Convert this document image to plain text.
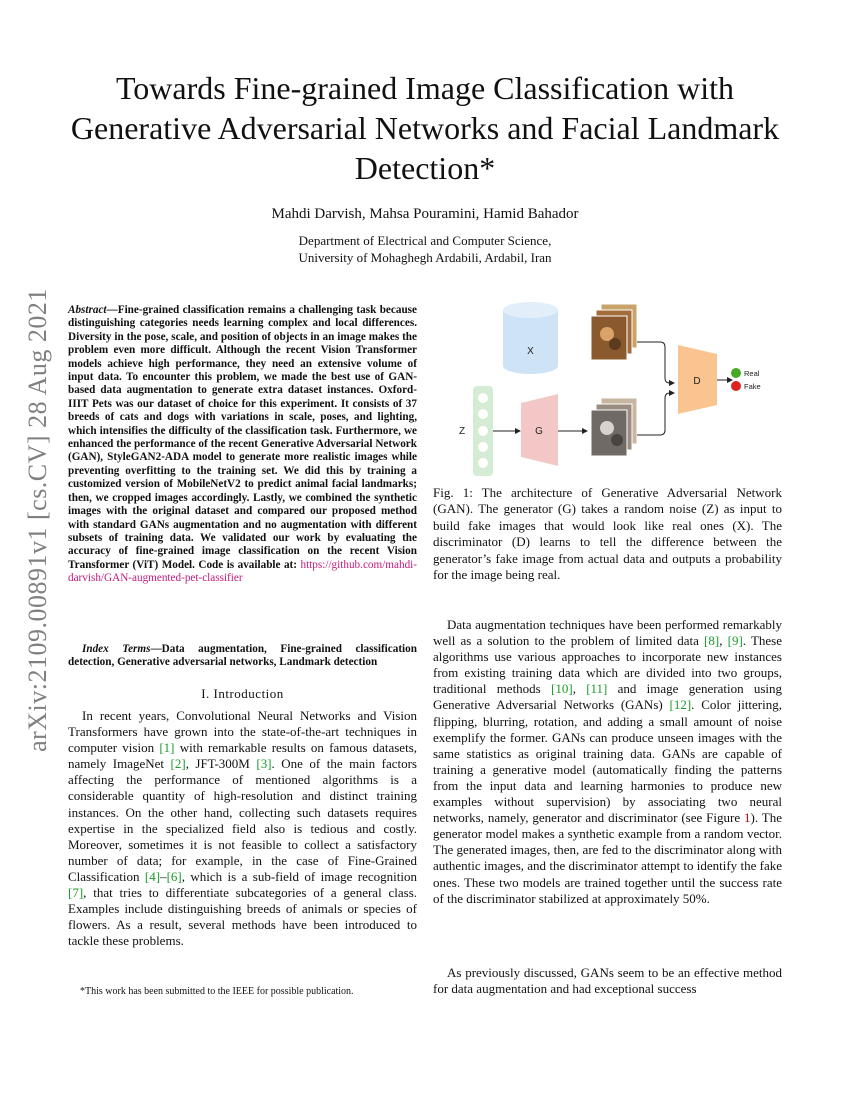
Towards Fine-grained Image Classification with Generative Adversarial Networks and Facial Landmark Detection*
Mahdi Darvish, Mahsa Pouramini, Hamid Bahador
Department of Electrical and Computer Science,
University of Mohaghegh Ardabili, Ardabil, Iran
arXiv:2109.00891v1 [cs.CV] 28 Aug 2021 Abstract—Fine-grained classification remains a challenging task because distinguishing categories needs learning complex and local differences. Diversity in the pose, scale, and position of objects in an image makes the problem even more difficult. Although the recent Vision Transformer models achieve high performance, they need an extensive volume of input data. To encounter this problem, we made the best use of GAN-based data augmentation to generate extra dataset instances. Oxford-IIIT Pets was our dataset of choice for this experiment. It consists of 37 breeds of cats and dogs with variations in scale, poses, and lighting, which intensifies the difficulty of the classification task. Furthermore, we enhanced the performance of the recent Generative Adversarial Network (GAN), StyleGAN2-ADA model to generate more realistic images while preventing overfitting to the training set. We did this by training a customized version of MobileNetV2 to predict animal facial landmarks; then, we cropped images accordingly. Lastly, we combined the synthetic images with the original dataset and compared our proposed method with standard GANs augmentation and no augmentation with different subsets of training data. We validated our work by evaluating the accuracy of fine-grained image classification on the recent Vision Transformer (ViT) Model. Code is available at: https://github.com/mahdi-darvish/GAN-augmented-pet-classifier
Index Terms—Data augmentation, Fine-grained classification detection, Generative adversarial networks, Landmark detection
I. Introduction
In recent years, Convolutional Neural Networks and Vision Transformers have grown into the state-of-the-art techniques in computer vision [1] with remarkable results on famous datasets, namely ImageNet [2], JFT-300M [3]. One of the main factors affecting the performance of mentioned algorithms is a considerable quantity of high-resolution and distinct training instances. On the other hand, collecting such datasets requires expertise in the specialized field also is tedious and costly. Moreover, sometimes it is not feasible to collect a satisfactory number of data; for example, in the case of Fine-Grained Classification [4]–[6], which is a sub-field of image recognition [7], that tries to differentiate subcategories of a general class. Examples include distinguishing breeds of animals or species of flowers. As a result, several methods have been introduced to tackle these problems.
*This work has been submitted to the IEEE for possible publication.
X
Z	G
D
Real
Fake
Fig. 1: The architecture of Generative Adversarial Network (GAN). The generator (G) takes a random noise (Z) as input to build fake images that would look like real ones (X). The discriminator (D) learns to tell the difference between the generator’s fake image from actual data and outputs a probability for the image being real.
Data augmentation techniques have been performed remarkably well as a solution to the problem of limited data [8], [9]. These algorithms use various approaches to incorporate new instances from existing training data which are divided into two groups, traditional methods [10], [11] and image generation using Generative Adversarial Networks (GANs) [12]. Color jittering, flipping, blurring, rotation, and adding a small amount of noise exemplify the former. GANs can produce unseen images with the same statistics as original training data. GANs are capable of training a generative model (automatically finding the patterns from the input data and learning harmonies to produce new examples without supervision) by associating two neural networks, namely, generator and discriminator (see Figure 1). The generator model makes a synthetic example from a random vector. The generated images, then, are fed to the discriminator along with authentic images, and the discriminator attempt to identify the fake ones. These two models are trained together until the success rate of the discriminator stabilized at approximately 50%.
As previously discussed, GANs seem to be an effective method for data augmentation and had exceptional success
